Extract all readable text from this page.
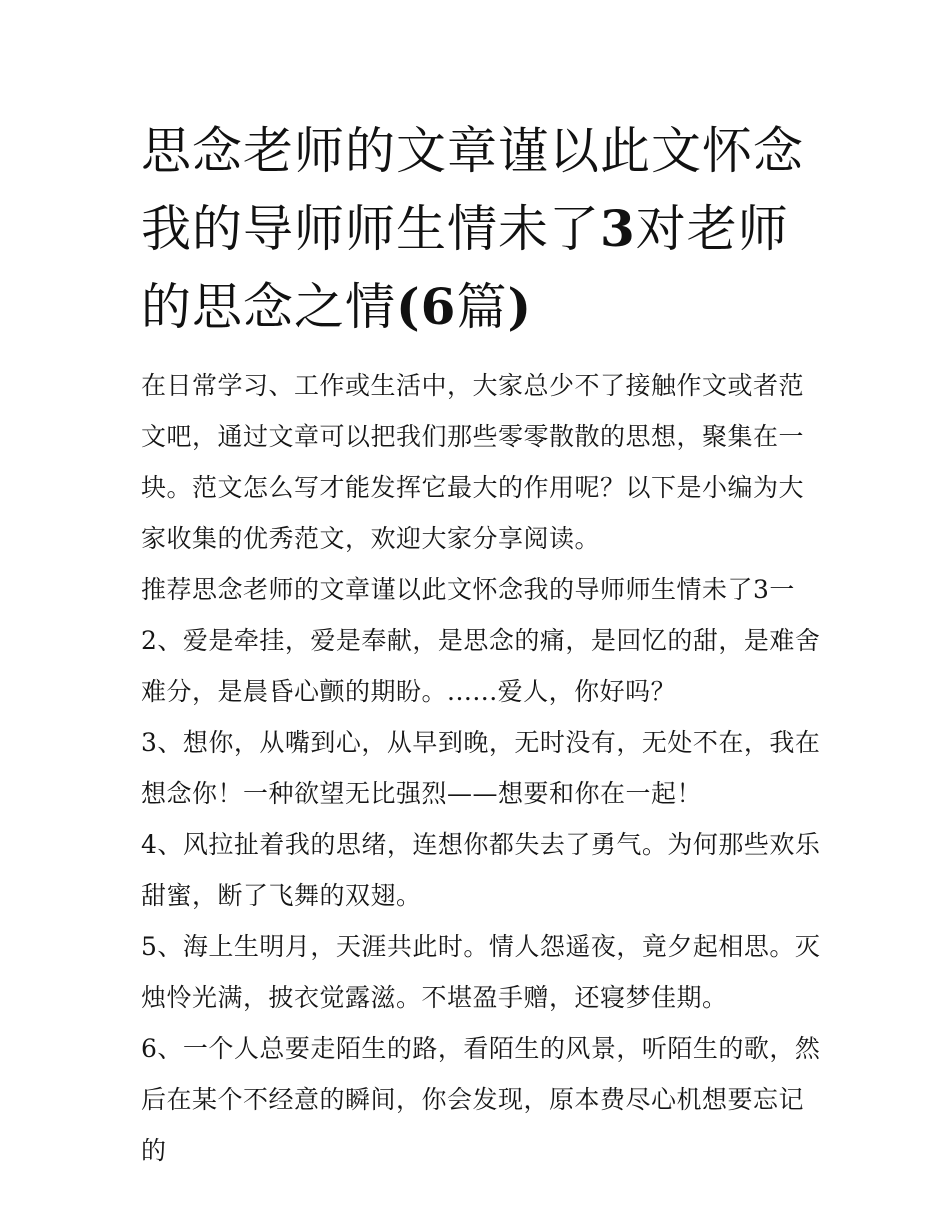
思念老师的文章谨以此文怀念我的导师师生情未了3对老师的思念之情(6篇)

在日常学习、工作或生活中，大家总少不了接触作文或者范文吧，通过文章可以把我们那些零零散散的思想，聚集在一块。范文怎么写才能发挥它最大的作用呢？以下是小编为大家收集的优秀范文，欢迎大家分享阅读。

推荐思念老师的文章谨以此文怀念我的导师师生情未了3一

2、爱是牵挂，爱是奉献，是思念的痛，是回忆的甜，是难舍难分，是晨昏心颤的期盼。......爱人，你好吗？

3、想你，从嘴到心，从早到晚，无时没有，无处不在，我在想念你！一种欲望无比强烈——想要和你在一起！

4、风拉扯着我的思绪，连想你都失去了勇气。为何那些欢乐甜蜜，断了飞舞的双翅。

5、海上生明月，天涯共此时。情人怨遥夜，竟夕起相思。灭烛怜光满，披衣觉露滋。不堪盈手赠，还寝梦佳期。

6、一个人总要走陌生的路，看陌生的风景，听陌生的歌，然后在某个不经意的瞬间，你会发现，原本费尽心机想要忘记的
